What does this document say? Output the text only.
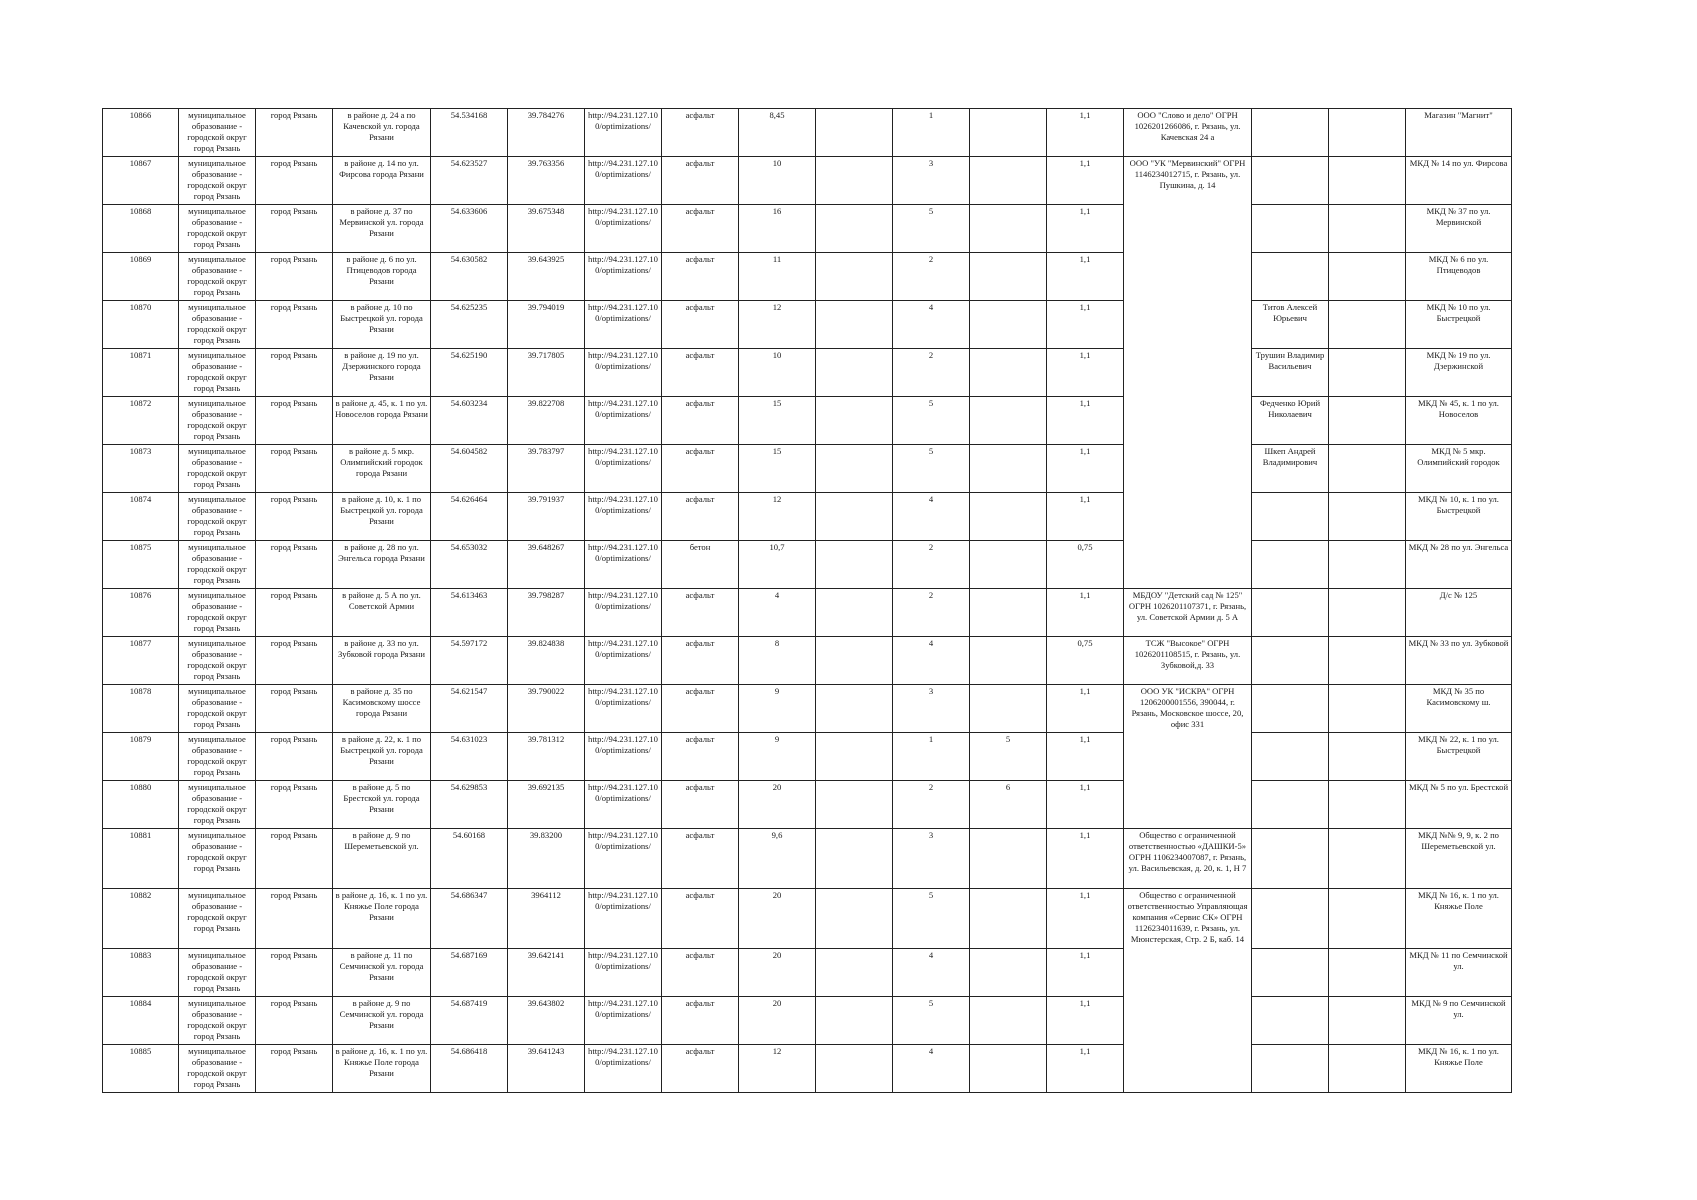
10866	муниципальное образование - городской округ город Рязань	город Рязань	в районе д. 24 а по Качевской ул. города Рязани	54.534168	39.784276	http://94.231.127.100/optimizations/	асфальт	8,45		1		1,1	ООО "Слово и дело" ОГРН 1026201266086, г. Рязань, ул. Качевская 24 а			Магазин "Магнит"
10867	муниципальное образование - городской округ город Рязань	город Рязань	в районе д. 14 по ул. Фирсова города Рязани	54.623527	39.763356	http://94.231.127.100/optimizations/	асфальт	10		3		1,1	ООО "УК "Мервинский" ОГРН 1146234012715, г. Рязань, ул. Пушкина, д. 14			МКД № 14 по ул. Фирсова
10868	муниципальное образование - городской округ город Рязань	город Рязань	в районе д. 37 по Мервинской ул. города Рязани	54.633606	39.675348	http://94.231.127.100/optimizations/	асфальт	16		5		1,1				МКД № 37 по ул. Мервинской
10869	муниципальное образование - городской округ город Рязань	город Рязань	в районе д. 6 по ул. Птицеводов города Рязани	54.630582	39.643925	http://94.231.127.100/optimizations/	асфальт	11		2		1,1				МКД № 6 по ул. Птицеводов
10870	муниципальное образование - городской округ город Рязань	город Рязань	в районе д. 10 по Быстрецкой ул. города Рязани	54.625235	39.794019	http://94.231.127.100/optimizations/	асфальт	12		4		1,1		Титов Алексей Юрьевич		МКД № 10 по ул. Быстрецкой
10871	муниципальное образование - городской округ город Рязань	город Рязань	в районе д. 19 по ул. Дзержинского города Рязани	54.625190	39.717805	http://94.231.127.100/optimizations/	асфальт	10		2		1,1		Трушин Владимир Васильевич		МКД № 19 по ул. Дзержинской
10872	муниципальное образование - городской округ город Рязань	город Рязань	в районе д. 45, к. 1 по ул. Новоселов города Рязани	54.603234	39.822708	http://94.231.127.100/optimizations/	асфальт	15		5		1,1		Федченко Юрий Николаевич		МКД № 45, к. 1 по ул. Новоселов
10873	муниципальное образование - городской округ город Рязань	город Рязань	в районе д. 5 мкр. Олимпийский городок города Рязани	54.604582	39.783797	http://94.231.127.100/optimizations/	асфальт	15		5		1,1		Шкеп Андрей Владимирович		МКД № 5 мкр. Олимпийский городок
10874	муниципальное образование - городской округ город Рязань	город Рязань	в районе д. 10, к. 1 по Быстрецкой ул. города Рязани	54.626464	39.791937	http://94.231.127.100/optimizations/	асфальт	12		4		1,1				МКД № 10, к. 1 по ул. Быстрецкой
10875	муниципальное образование - городской округ город Рязань	город Рязань	в районе д. 28 по ул. Энгельса города Рязани	54.653032	39.648267	http://94.231.127.100/optimizations/	бетон	10,7		2		0,75				МКД № 28 по ул. Энгельса
10876	муниципальное образование - городской округ город Рязань	город Рязань	в районе д. 5 А по ул. Советской Армии	54.613463	39.798287	http://94.231.127.100/optimizations/	асфальт	4		2		1,1	МБДОУ "Детский сад № 125" ОГРН 1026201107371, г. Рязань, ул. Советской Армии д. 5 А			Д/с № 125
10877	муниципальное образование - городской округ город Рязань	город Рязань	в районе д. 33 по ул. Зубковой города Рязани	54.597172	39.824838	http://94.231.127.100/optimizations/	асфальт	8		4		0,75	ТСЖ "Высокое" ОГРН 1026201108515, г. Рязань, ул. Зубковой,д. 33			МКД № 33 по ул. Зубковой
10878	муниципальное образование - городской округ город Рязань	город Рязань	в районе д. 35 по Касимовскому шоссе города Рязани	54.621547	39.790022	http://94.231.127.100/optimizations/	асфальт	9		3		1,1	ООО УК "ИСКРА" ОГРН 1206200001556, 390044, г. Рязань, Московское шоссе, 20, офис 331			МКД № 35 по Касимовскому ш.
10879	муниципальное образование - городской округ город Рязань	город Рязань	в районе д. 22, к. 1 по Быстрецкой ул. города Рязани	54.631023	39.781312	http://94.231.127.100/optimizations/	асфальт	9		1	5	1,1				МКД № 22, к. 1 по ул. Быстрецкой
10880	муниципальное образование - городской округ город Рязань	город Рязань	в районе д. 5 по Брестской ул. города Рязани	54.629853	39.692135	http://94.231.127.100/optimizations/	асфальт	20		2	6	1,1				МКД № 5 по ул. Брестской
10881	муниципальное образование - городской округ город Рязань	город Рязань	в районе д. 9 по Шереметьевской ул.	54.60168	39.83200	http://94.231.127.100/optimizations/	асфальт	9,6		3		1,1	Общество с ограниченной ответственностью «ДАШКИ-5» ОГРН 1106234007087, г. Рязань, ул. Васильевская, д. 20, к. 1, Н 7			МКД №№ 9, 9, к. 2 по Шереметьевской ул.
10882	муниципальное образование - городской округ город Рязань	город Рязань	в районе д. 16, к. 1 по ул. Княжье Поле города Рязани	54.686347	3964112	http://94.231.127.100/optimizations/	асфальт	20		5		1,1	Общество с ограниченной ответственностью Управляющая компания «Сервис СК» ОГРН 1126234011639, г. Рязань, ул. Мюнстерская, Стр. 2 Б, каб. 14			МКД № 16, к. 1 по ул. Княжье Поле
10883	муниципальное образование - городской округ город Рязань	город Рязань	в районе д. 11 по Семчинской ул. города Рязани	54.687169	39.642141	http://94.231.127.100/optimizations/	асфальт	20		4		1,1				МКД № 11 по Семчинской ул.
10884	муниципальное образование - городской округ город Рязань	город Рязань	в районе д. 9 по Семчинской ул. города Рязани	54.687419	39.643802	http://94.231.127.100/optimizations/	асфальт	20		5		1,1				МКД № 9 по Семчинской ул.
10885	муниципальное образование - городской округ город Рязань	город Рязань	в районе д. 16, к. 1 по ул. Княжье Поле города Рязани	54.686418	39.641243	http://94.231.127.100/optimizations/	асфальт	12		4		1,1				МКД № 16, к. 1 по ул. Княжье Поле
